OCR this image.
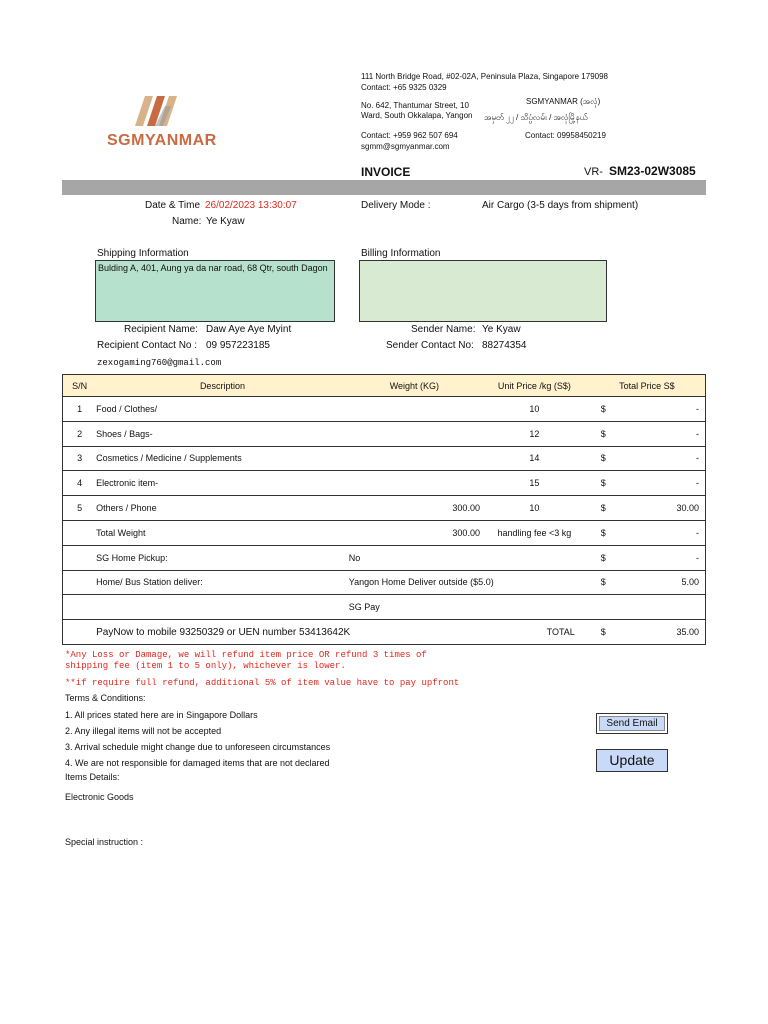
SGMYANMAR
111 North Bridge Road, #02-02A, Peninsula Plaza, Singapore 179098
Contact: +65 9325 0329
No. 642, Thantumar Street, 10
Ward, South Okkalapa, Yangon
Contact: +959 962 507 694
sgmm@sgmyanmar.com
SGMYANMAR (အလုံ)
အမှတ် ၂၂ / သိပ္ပံလမ်း / အလုံမြို့နယ်
Contact: 09958450219
INVOICE	VR- SM23-02W3085
Date & Time 26/02/2023 13:30:07
Name: Ye Kyaw
Delivery Mode :	Air Cargo (3-5 days from shipment)
Shipping Information
Bulding A, 401, Aung ya da nar road, 68 Qtr, south Dagon
Billing Information
Recipient Name: Daw Aye Aye Myint
Recipient Contact No : 09 957223185
zexogaming760@gmail.com
Sender Name: Ye Kyaw
Sender Contact No: 88274354
S/N	Description	Weight (KG)	Unit Price /kg (S$)	Total Price S$	
1	Food / Clothes/		10	$	-
2	Shoes / Bags-		12	$	-
3	Cosmetics / Medicine / Supplements		14	$	-
4	Electronic item-		15	$	-
5	Others / Phone	300.00	10	$	30.00
	Total Weight	300.00	handling fee <3 kg	$	-
	SG Home Pickup:	No		$	-
	Home/ Bus Station deliver:	Yangon Home Deliver outside ($5.0)		$	5.00
		SG Pay			
	PayNow to mobile 93250329 or UEN number 53413642K		TOTAL	$	35.00
*Any Loss or Damage, we will refund item price OR refund 3 times of shipping fee (item 1 to 5 only), whichever is lower.
**if require full refund, additional 5% of item value have to pay upfront
Terms & Conditions:
1. All prices stated here are in Singapore Dollars
2. Any illegal items will not be accepted
3. Arrival schedule might change due to unforeseen circumstances
4. We are not responsible for damaged items that are not declared
Items Details:
Electronic Goods
Special instruction :
Send Email
Update
